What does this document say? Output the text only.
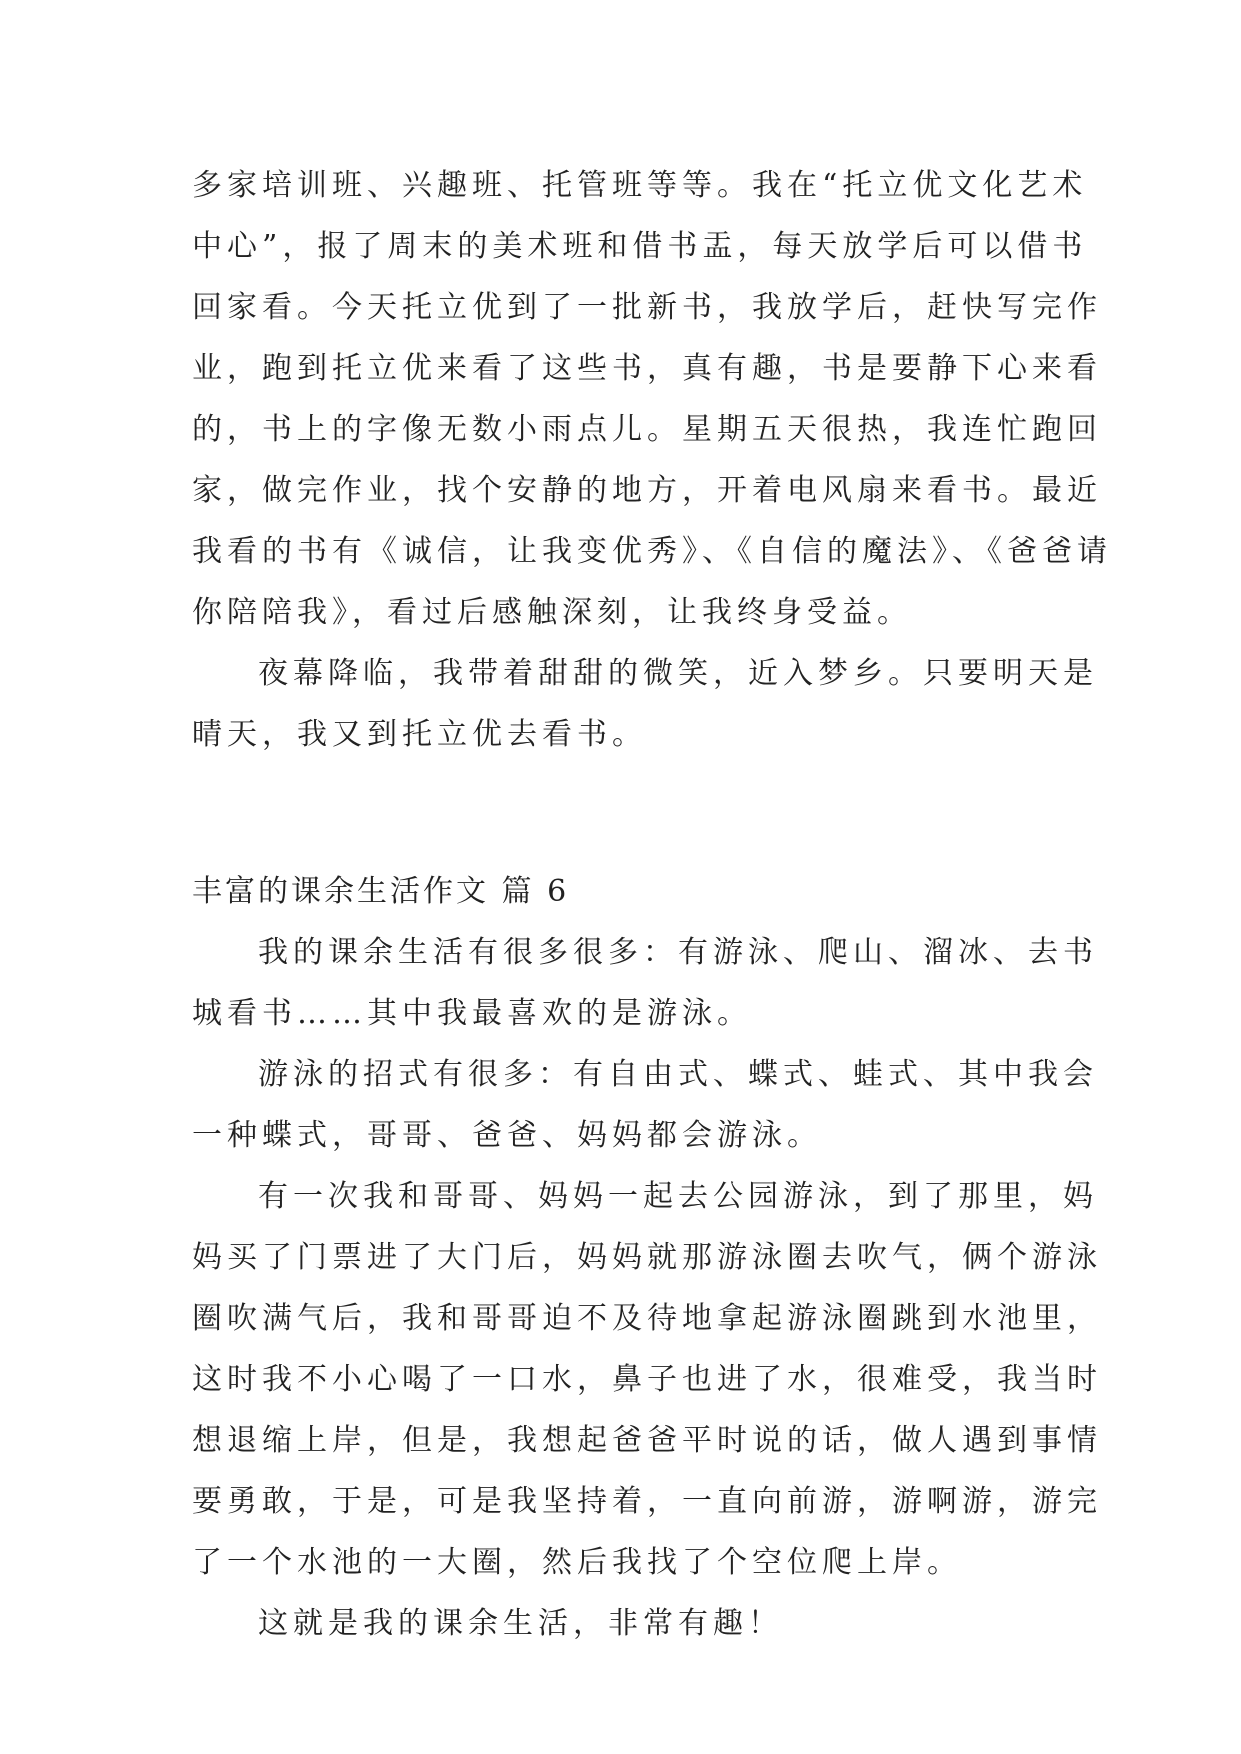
多家培训班、兴趣班、托管班等等。我在“托立优文化艺术
中心”，报了周末的美术班和借书盂，每天放学后可以借书
回家看。今天托立优到了一批新书，我放学后，赶快写完作
业，跑到托立优来看了这些书，真有趣，书是要静下心来看
的，书上的字像无数小雨点儿。星期五天很热，我连忙跑回
家，做完作业，找个安静的地方，开着电风扇来看书。最近
我看的书有《诚信，让我变优秀》、《自信的魔法》、《爸爸请
你陪陪我》，看过后感触深刻，让我终身受益。
夜幕降临，我带着甜甜的微笑，近入梦乡。只要明天是
晴天，我又到托立优去看书。
丰富的课余生活作文 篇 6
我的课余生活有很多很多：有游泳、爬山、溜冰、去书
城看书……其中我最喜欢的是游泳。
游泳的招式有很多：有自由式、蝶式、蛙式、其中我会
一种蝶式，哥哥、爸爸、妈妈都会游泳。
有一次我和哥哥、妈妈一起去公园游泳，到了那里，妈
妈买了门票进了大门后，妈妈就那游泳圈去吹气，俩个游泳
圈吹满气后，我和哥哥迫不及待地拿起游泳圈跳到水池里，
这时我不小心喝了一口水，鼻子也进了水，很难受，我当时
想退缩上岸，但是，我想起爸爸平时说的话，做人遇到事情
要勇敢，于是，可是我坚持着，一直向前游，游啊游，游完
了一个水池的一大圈，然后我找了个空位爬上岸。
这就是我的课余生活，非常有趣！
